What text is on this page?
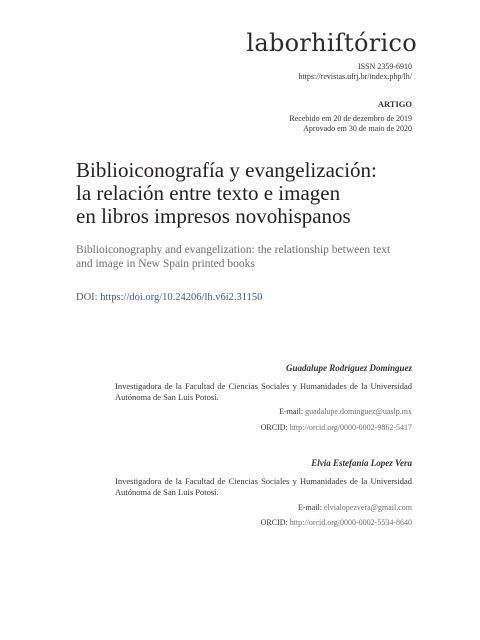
laborhiſtórico
ISSN 2359-6910
https://revistas.ufrj.br/index.php/lh/
ARTIGO
Recebido em 20 de dezembro de 2019
Aprovado em 30 de maio de 2020
Biblioiconografía y evangelización:
la relación entre texto e imagen
en libros impresos novohispanos
Biblioiconography and evangelization: the relationship between text
and image in New Spain printed books
DOI: https://doi.org/10.24206/lh.v6i2.31150
Guadalupe Rodríguez Domínguez
Investigadora de la Facultad de Ciencias Sociales y Humanidades de la Universidad Autónoma de San Luis Potosí.
E-mail: guadalupe.dominguez@uaslp.mx
ORCID: http://orcid.org/0000-0002-9862-5417
Elvia Estefania Lopez Vera
Investigadora de la Facultad de Ciencias Sociales y Humanidades de la Universidad Autónoma de San Luis Potosí.
E-mail: elvialopezvera@gmail.com
ORCID: http://orcid.org/0000-0002-5534-8640
